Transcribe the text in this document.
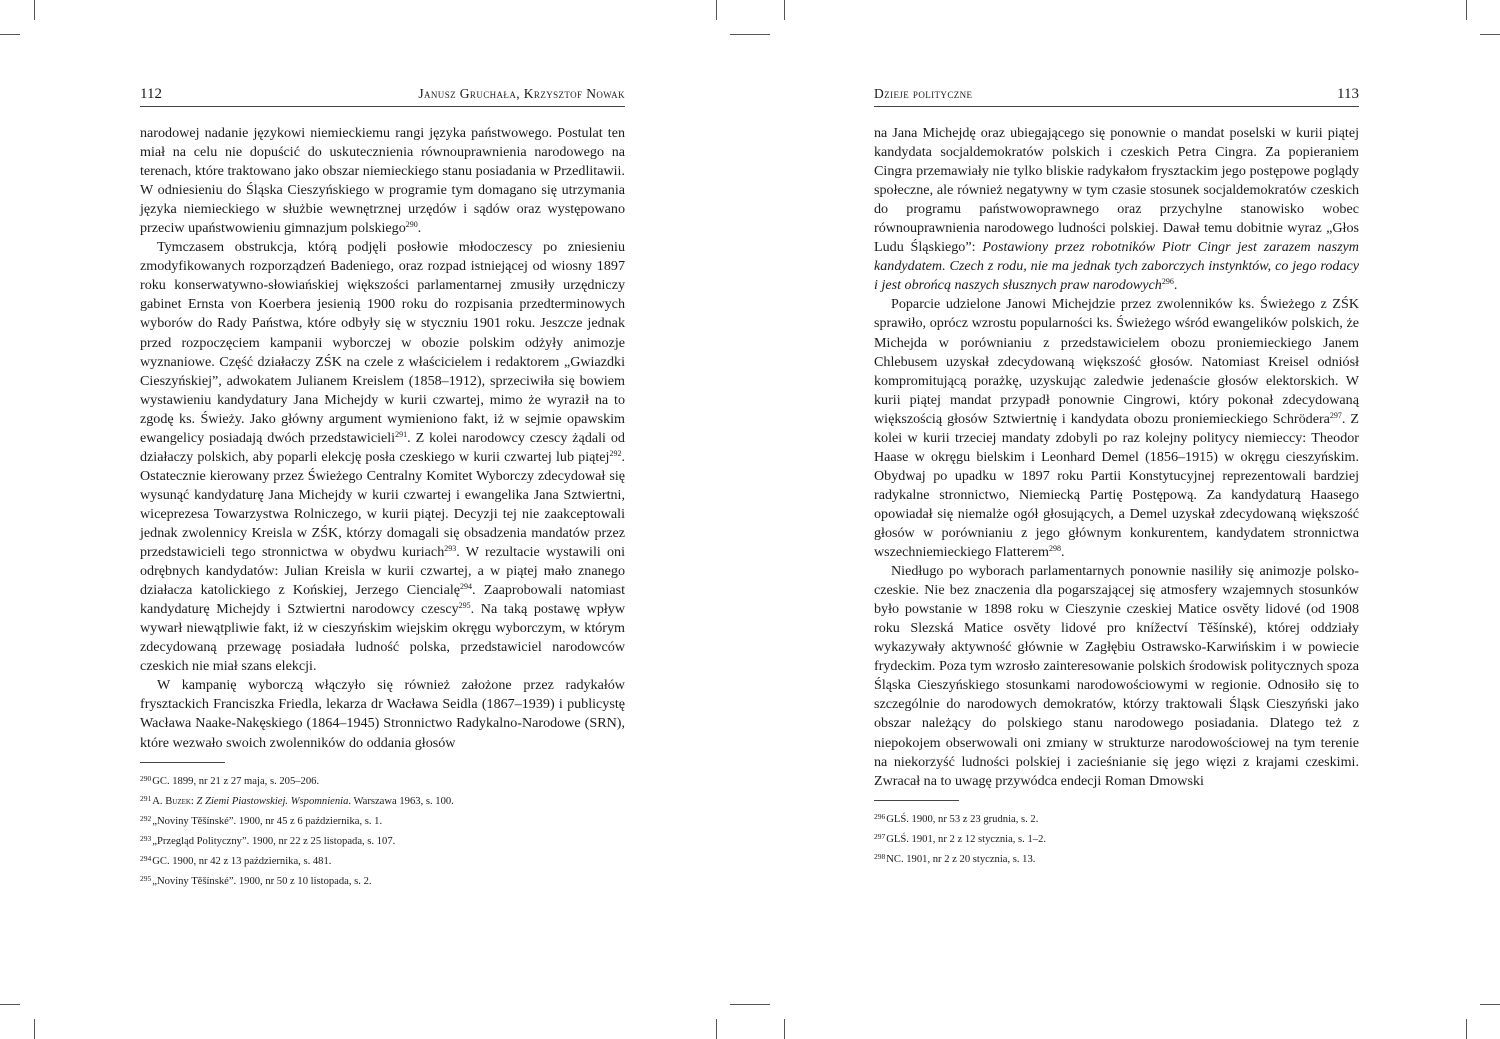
112	Janusz Gruchała, Krzysztof Nowak

narodowej nadanie językowi niemieckiemu rangi języka państwowego. Postulat ten miał na celu nie dopuścić do uskutecznienia równouprawnienia narodowego na terenach, które traktowano jako obszar niemieckiego stanu posiadania w Przedlitawii. W odniesieniu do Śląska Cieszyńskiego w programie tym domagano się utrzymania języka niemieckiego w służbie wewnętrznej urzędów i sądów oraz występowano przeciw upaństwowieniu gimnazjum polskiego$^{290}$.

Tymczasem obstrukcja, którą podjęli posłowie młodoczescy po zniesieniu zmodyfikowanych rozporządzeń Badeniego, oraz rozpad istniejącej od wiosny 1897 roku konserwatywno-słowiańskiej większości parlamentarnej zmusiły urzędniczy gabinet Ernsta von Koerbera jesienią 1900 roku do rozpisania przedterminowych wyborów do Rady Państwa, które odbyły się w styczniu 1901 roku. Jeszcze jednak przed rozpoczęciem kampanii wyborczej w obozie polskim odżyły animozje wyznaniowe. Część działaczy ZŚK na czele z właścicielem i redaktorem „Gwiazdki Cieszyńskiej”, adwokatem Julianem Kreislem (1858–1912), sprzeciwiła się bowiem wystawieniu kandydatury Jana Michejdy w kurii czwartej, mimo że wyraził na to zgodę ks. Świeży. Jako główny argument wymieniono fakt, iż w sejmie opawskim ewangelicy posiadają dwóch przedstawicieli$^{291}$. Z kolei narodowcy czescy żądali od działaczy polskich, aby poparli elekcję posła czeskiego w kurii czwartej lub piątej$^{292}$. Ostatecznie kierowany przez Świeżego Centralny Komitet Wyborczy zdecydował się wysunąć kandydaturę Jana Michejdy w kurii czwartej i ewangelika Jana Sztwiertni, wiceprezesa Towarzystwa Rolniczego, w kurii piątej. Decyzji tej nie zaakceptowali jednak zwolennicy Kreisla w ZŚK, którzy domagali się obsadzenia mandatów przez przedstawicieli tego stronnictwa w obydwu kuriach$^{293}$. W rezultacie wystawili oni odrębnych kandydatów: Julian Kreisla w kurii czwartej, a w piątej mało znanego działacza katolickiego z Końskiej, Jerzego Ciencialę$^{294}$. Zaaprobowali natomiast kandydaturę Michejdy i Sztwiertni narodowcy czescy$^{295}$. Na taką postawę wpływ wywarł niewątpliwie fakt, iż w cieszyńskim wiejskim okręgu wyborczym, w którym zdecydowaną przewagę posiadała ludność polska, przedstawiciel narodowców czeskich nie miał szans elekcji.

W kampanię wyborczą włączyło się również założone przez radykałów frysztackich Franciszka Friedla, lekarza dr Wacława Seidla (1867–1939) i publicystę Wacława Naake-Nakęskiego (1864–1945) Stronnictwo Radykalno-Narodowe (SRN), które wezwało swoich zwolenników do oddania głosów

$^{290}$GC. 1899, nr 21 z 27 maja, s. 205–206.
$^{291}$A. Buzek: Z Ziemi Piastowskiej. Wspomnienia. Warszawa 1963, s. 100.
$^{292}$„Noviny Těšínské”. 1900, nr 45 z 6 października, s. 1.
$^{293}$„Przegląd Polityczny”. 1900, nr 22 z 25 listopada, s. 107.
$^{294}$GC. 1900, nr 42 z 13 października, s. 481.
$^{295}$„Noviny Těšínské”. 1900, nr 50 z 10 listopada, s. 2.
Dzieje polityczne	113

na Jana Michejdę oraz ubiegającego się ponownie o mandat poselski w kurii piątej kandydata socjaldemokratów polskich i czeskich Petra Cingra. Za popieraniem Cingra przemawiały nie tylko bliskie radykałom frysztackim jego postępowe poglądy społeczne, ale również negatywny w tym czasie stosunek socjaldemokratów czeskich do programu państwowoprawnego oraz przychylne stanowisko wobec równouprawnienia narodowego ludności polskiej. Dawał temu dobitnie wyraz „Głos Ludu Śląskiego”: Postawiony przez robotników Piotr Cingr jest zarazem naszym kandydatem. Czech z rodu, nie ma jednak tych zaborczych instynktów, co jego rodacy i jest obrońcą naszych słusznych praw narodowych$^{296}$.

Poparcie udzielone Janowi Michejdzie przez zwolenników ks. Świeżego z ZŚK sprawiło, oprócz wzrostu popularności ks. Świeżego wśród ewangelików polskich, że Michejda w porównianiu z przedstawicielem obozu proniemieckiego Janem Chlebusem uzyskał zdecydowaną większość głosów. Natomiast Kreisel odniósł kompromitującą porażkę, uzyskując zaledwie jedenaście głosów elektorskich. W kurii piątej mandat przypadł ponownie Cingrowi, który pokonał zdecydowaną większością głosów Sztwiertnię i kandydata obozu proniemieckiego Schrödera$^{297}$. Z kolei w kurii trzeciej mandaty zdobyli po raz kolejny politycy niemieccy: Theodor Haase w okręgu bielskim i Leonhard Demel (1856–1915) w okręgu cieszyńskim. Obydwaj po upadku w 1897 roku Partii Konstytucyjnej reprezentowali bardziej radykalne stronnictwo, Niemiecką Partię Postępową. Za kandydaturą Haasego opowiadał się niemalże ogół głosujących, a Demel uzyskał zdecydowaną większość głosów w porównianiu z jego głównym konkurentem, kandydatem stronnictwa wszechniemieckiego Flatterem$^{298}$.

Niedługo po wyborach parlamentarnych ponownie nasiliły się animozje polsko-czeskie. Nie bez znaczenia dla pogarszającej się atmosfery wzajemnych stosunków było powstanie w 1898 roku w Cieszynie czeskiej Matice osvěty lidové (od 1908 roku Slezská Matice osvěty lidové pro knížectví Těšínské), której oddziały wykazywały aktywność głównie w Zagłębiu Ostrawsko-Karwińskim i w powiecie frydeckim. Poza tym wzrosło zainteresowanie polskich środowisk politycznych spoza Śląska Cieszyńskiego stosunkami narodowościowymi w regionie. Odnosiło się to szczególnie do narodowych demokratów, którzy traktowali Śląsk Cieszyński jako obszar należący do polskiego stanu narodowego posiadania. Dlatego też z niepokojem obserwowali oni zmiany w strukturze narodowościowej na tym terenie na niekorzyść ludności polskiej i zacieśnianie się jego więzi z krajami czeskimi. Zwracał na to uwagę przywódca endecji Roman Dmowski

$^{296}$GLŚ. 1900, nr 53 z 23 grudnia, s. 2.
$^{297}$GLŚ. 1901, nr 2 z 12 stycznia, s. 1–2.
$^{298}$NC. 1901, nr 2 z 20 stycznia, s. 13.
